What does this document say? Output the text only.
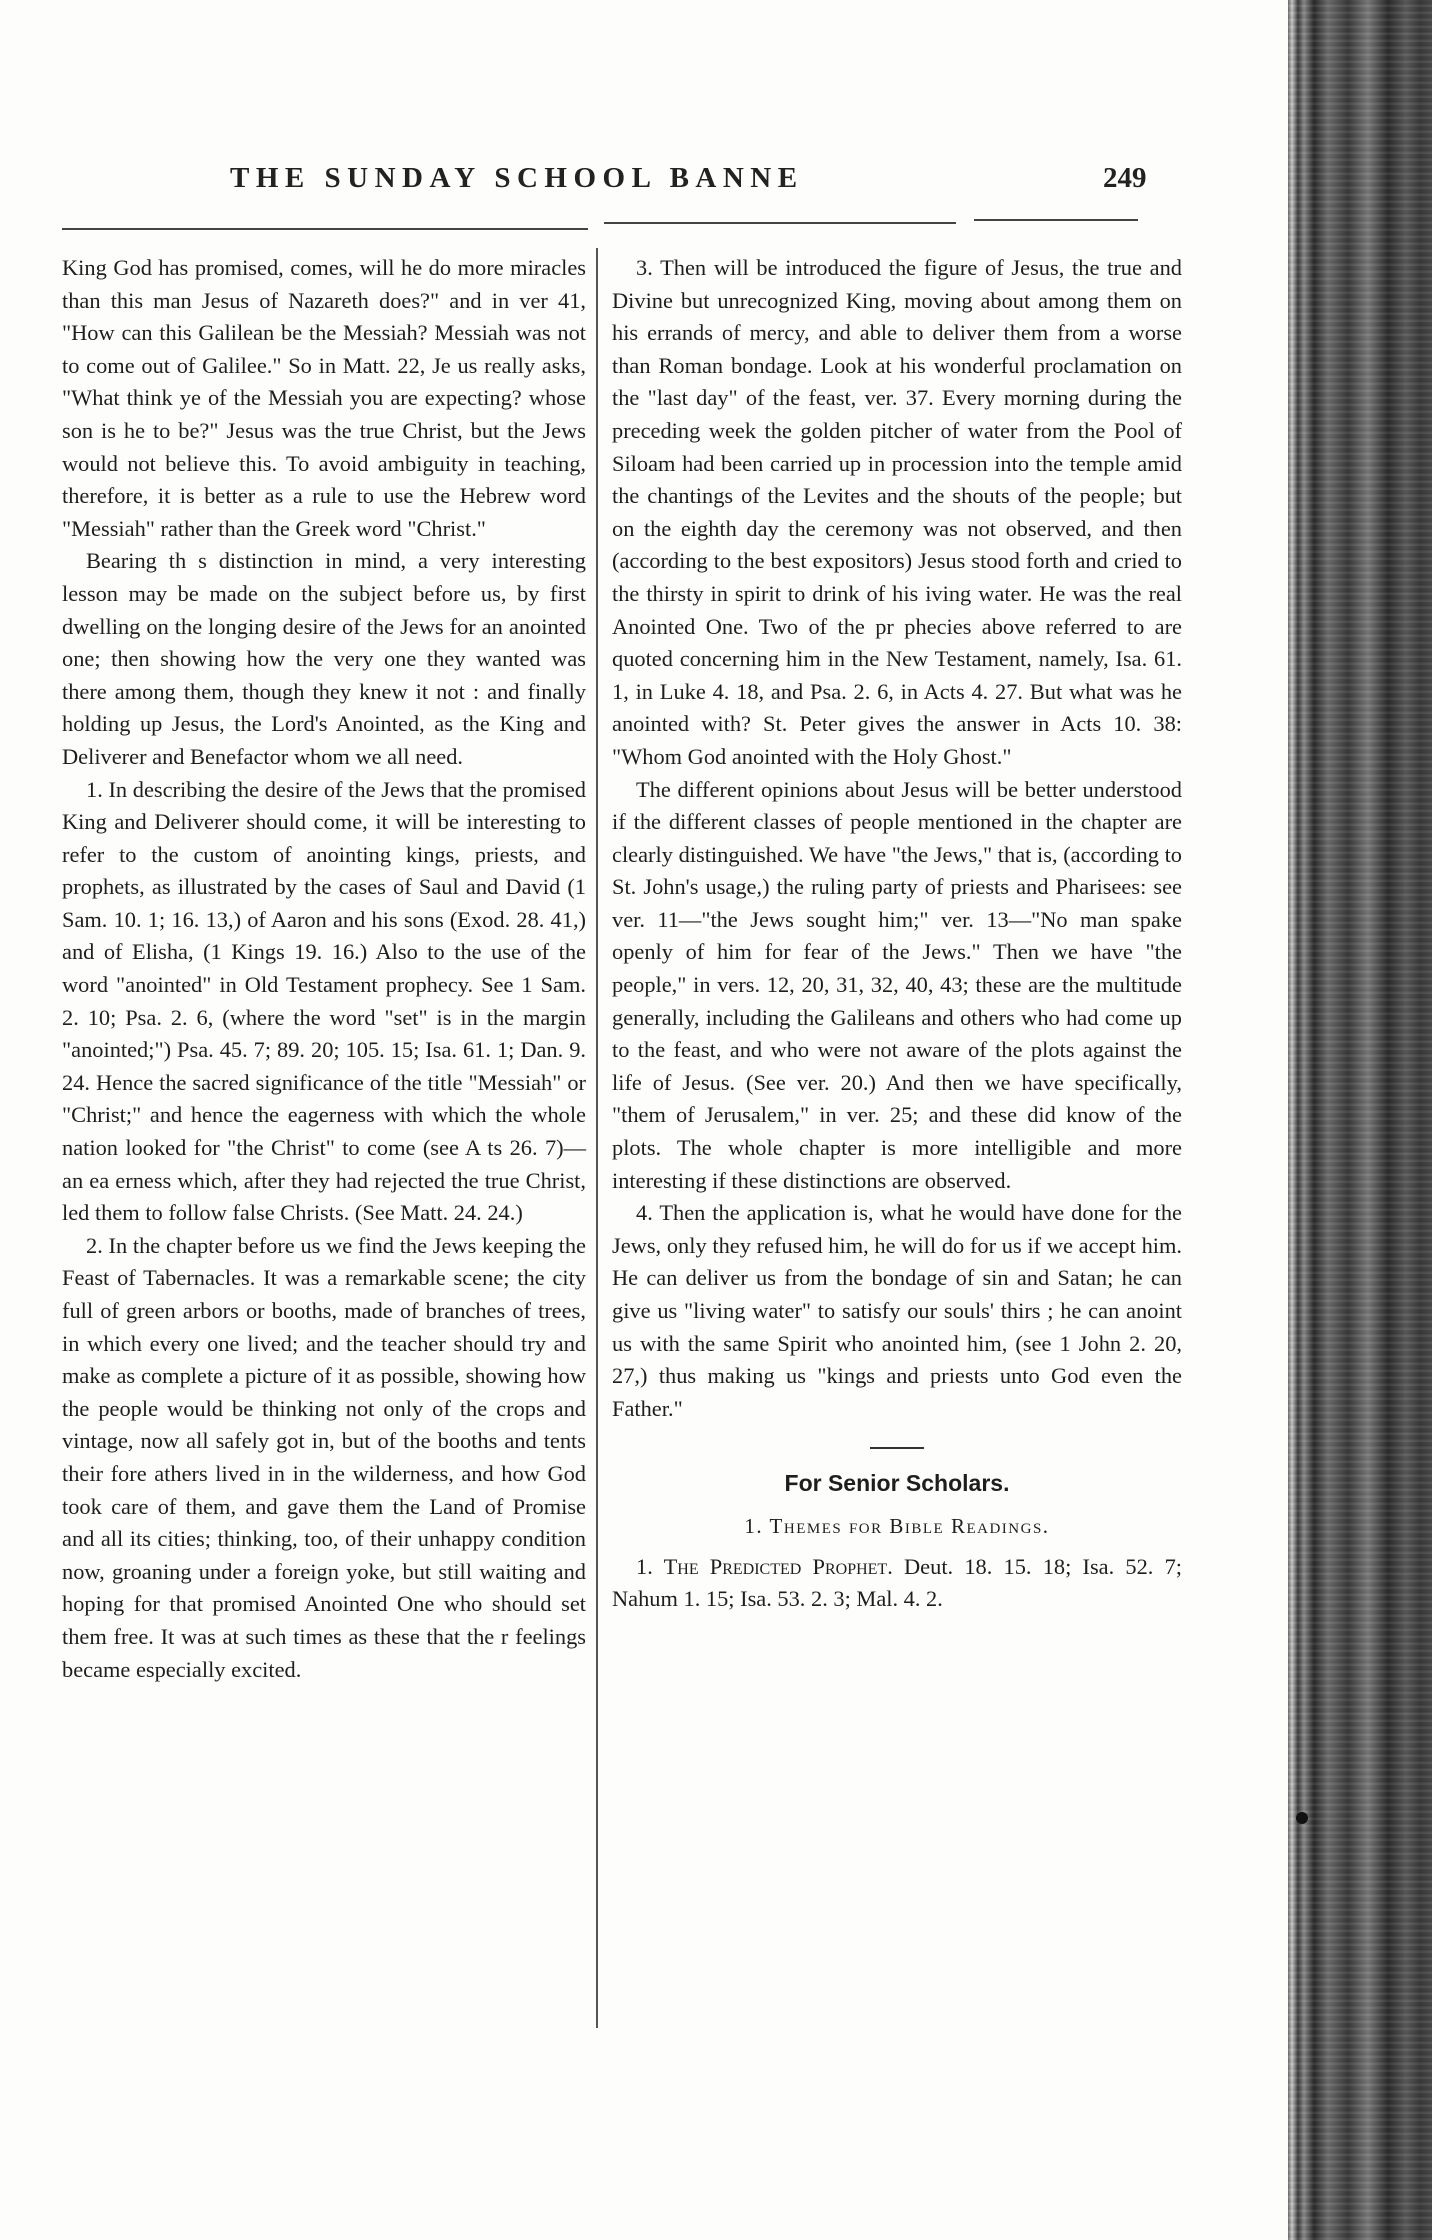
THE SUNDAY SCHOOL BANNE	249

King God has promised, comes, will he do more miracles than this man Jesus of Nazareth does?" and in ver 41, "How can this Galilean be the Messiah? Messiah was not to come out of Galilee." So in Matt. 22, Je us really asks, "What think ye of the Messiah you are expecting? whose son is he to be?" Jesus was the true Christ, but the Jews would not believe this. To avoid ambiguity in teaching, therefore, it is better as a rule to use the Hebrew word "Messiah" rather than the Greek word "Christ."

Bearing th s distinction in mind, a very interesting lesson may be made on the subject before us, by first dwelling on the longing desire of the Jews for an anointed one; then showing how the very one they wanted was there among them, though they knew it not : and finally holding up Jesus, the Lord's Anointed, as the King and Deliverer and Benefactor whom we all need.

1. In describing the desire of the Jews that the promised King and Deliverer should come, it will be interesting to refer to the custom of anointing kings, priests, and prophets, as illustrated by the cases of Saul and David (1 Sam. 10. 1; 16. 13,) of Aaron and his sons (Exod. 28. 41,) and of Elisha, (1 Kings 19. 16.) Also to the use of the word "anointed" in Old Testament prophecy. See 1 Sam. 2. 10; Psa. 2. 6, (where the word "set" is in the margin "anointed;") Psa. 45. 7; 89. 20; 105. 15; Isa. 61. 1; Dan. 9. 24. Hence the sacred significance of the title "Messiah" or "Christ;" and hence the eagerness with which the whole nation looked for "the Christ" to come (see A ts 26. 7)—an ea erness which, after they had rejected the true Christ, led them to follow false Christs. (See Matt. 24. 24.)

2. In the chapter before us we find the Jews keeping the Feast of Tabernacles. It was a remarkable scene; the city full of green arbors or booths, made of branches of trees, in which every one lived; and the teacher should try and make as complete a picture of it as possible, showing how the people would be thinking not only of the crops and vintage, now all safely got in, but of the booths and tents their fore athers lived in in the wilderness, and how God took care of them, and gave them the Land of Promise and all its cities; thinking, too, of their unhappy condition now, groaning under a foreign yoke, but still waiting and hoping for that promised Anointed One who should set them free. It was at such times as these that the r feelings became especially excited.

3. Then will be introduced the figure of Jesus, the true and Divine but unrecognized King, moving about among them on his errands of mercy, and able to deliver them from a worse than Roman bondage. Look at his wonderful proclamation on the "last day" of the feast, ver. 37. Every morning during the preceding week the golden pitcher of water from the Pool of Siloam had been carried up in procession into the temple amid the chantings of the Levites and the shouts of the people; but on the eighth day the ceremony was not observed, and then (according to the best expositors) Jesus stood forth and cried to the thirsty in spirit to drink of his iving water. He was the real Anointed One. Two of the pr phecies above referred to are quoted concerning him in the New Testament, namely, Isa. 61. 1, in Luke 4. 18, and Psa. 2. 6, in Acts 4. 27. But what was he anointed with? St. Peter gives the answer in Acts 10. 38: "Whom God anointed with the Holy Ghost."

The different opinions about Jesus will be better understood if the different classes of people mentioned in the chapter are clearly distinguished. We have "the Jews," that is, (according to St. John's usage,) the ruling party of priests and Pharisees: see ver. 11—"the Jews sought him;" ver. 13—"No man spake openly of him for fear of the Jews." Then we have "the people," in vers. 12, 20, 31, 32, 40, 43; these are the multitude generally, including the Galileans and others who had come up to the feast, and who were not aware of the plots against the life of Jesus. (See ver. 20.) And then we have specifically, "them of Jerusalem," in ver. 25; and these did know of the plots. The whole chapter is more intelligible and more interesting if these distinctions are observed.

4. Then the application is, what he would have done for the Jews, only they refused him, he will do for us if we accept him. He can deliver us from the bondage of sin and Satan; he can give us "living water" to satisfy our souls' thirs ; he can anoint us with the same Spirit who anointed him, (see 1 John 2. 20, 27,) thus making us "kings and priests unto God even the Father."

For Senior Scholars.
1. Themes for Bible Readings.

1. The Predicted Prophet. Deut. 18. 15. 18; Isa. 52. 7; Nahum 1. 15; Isa. 53. 2. 3; Mal. 4. 2.
